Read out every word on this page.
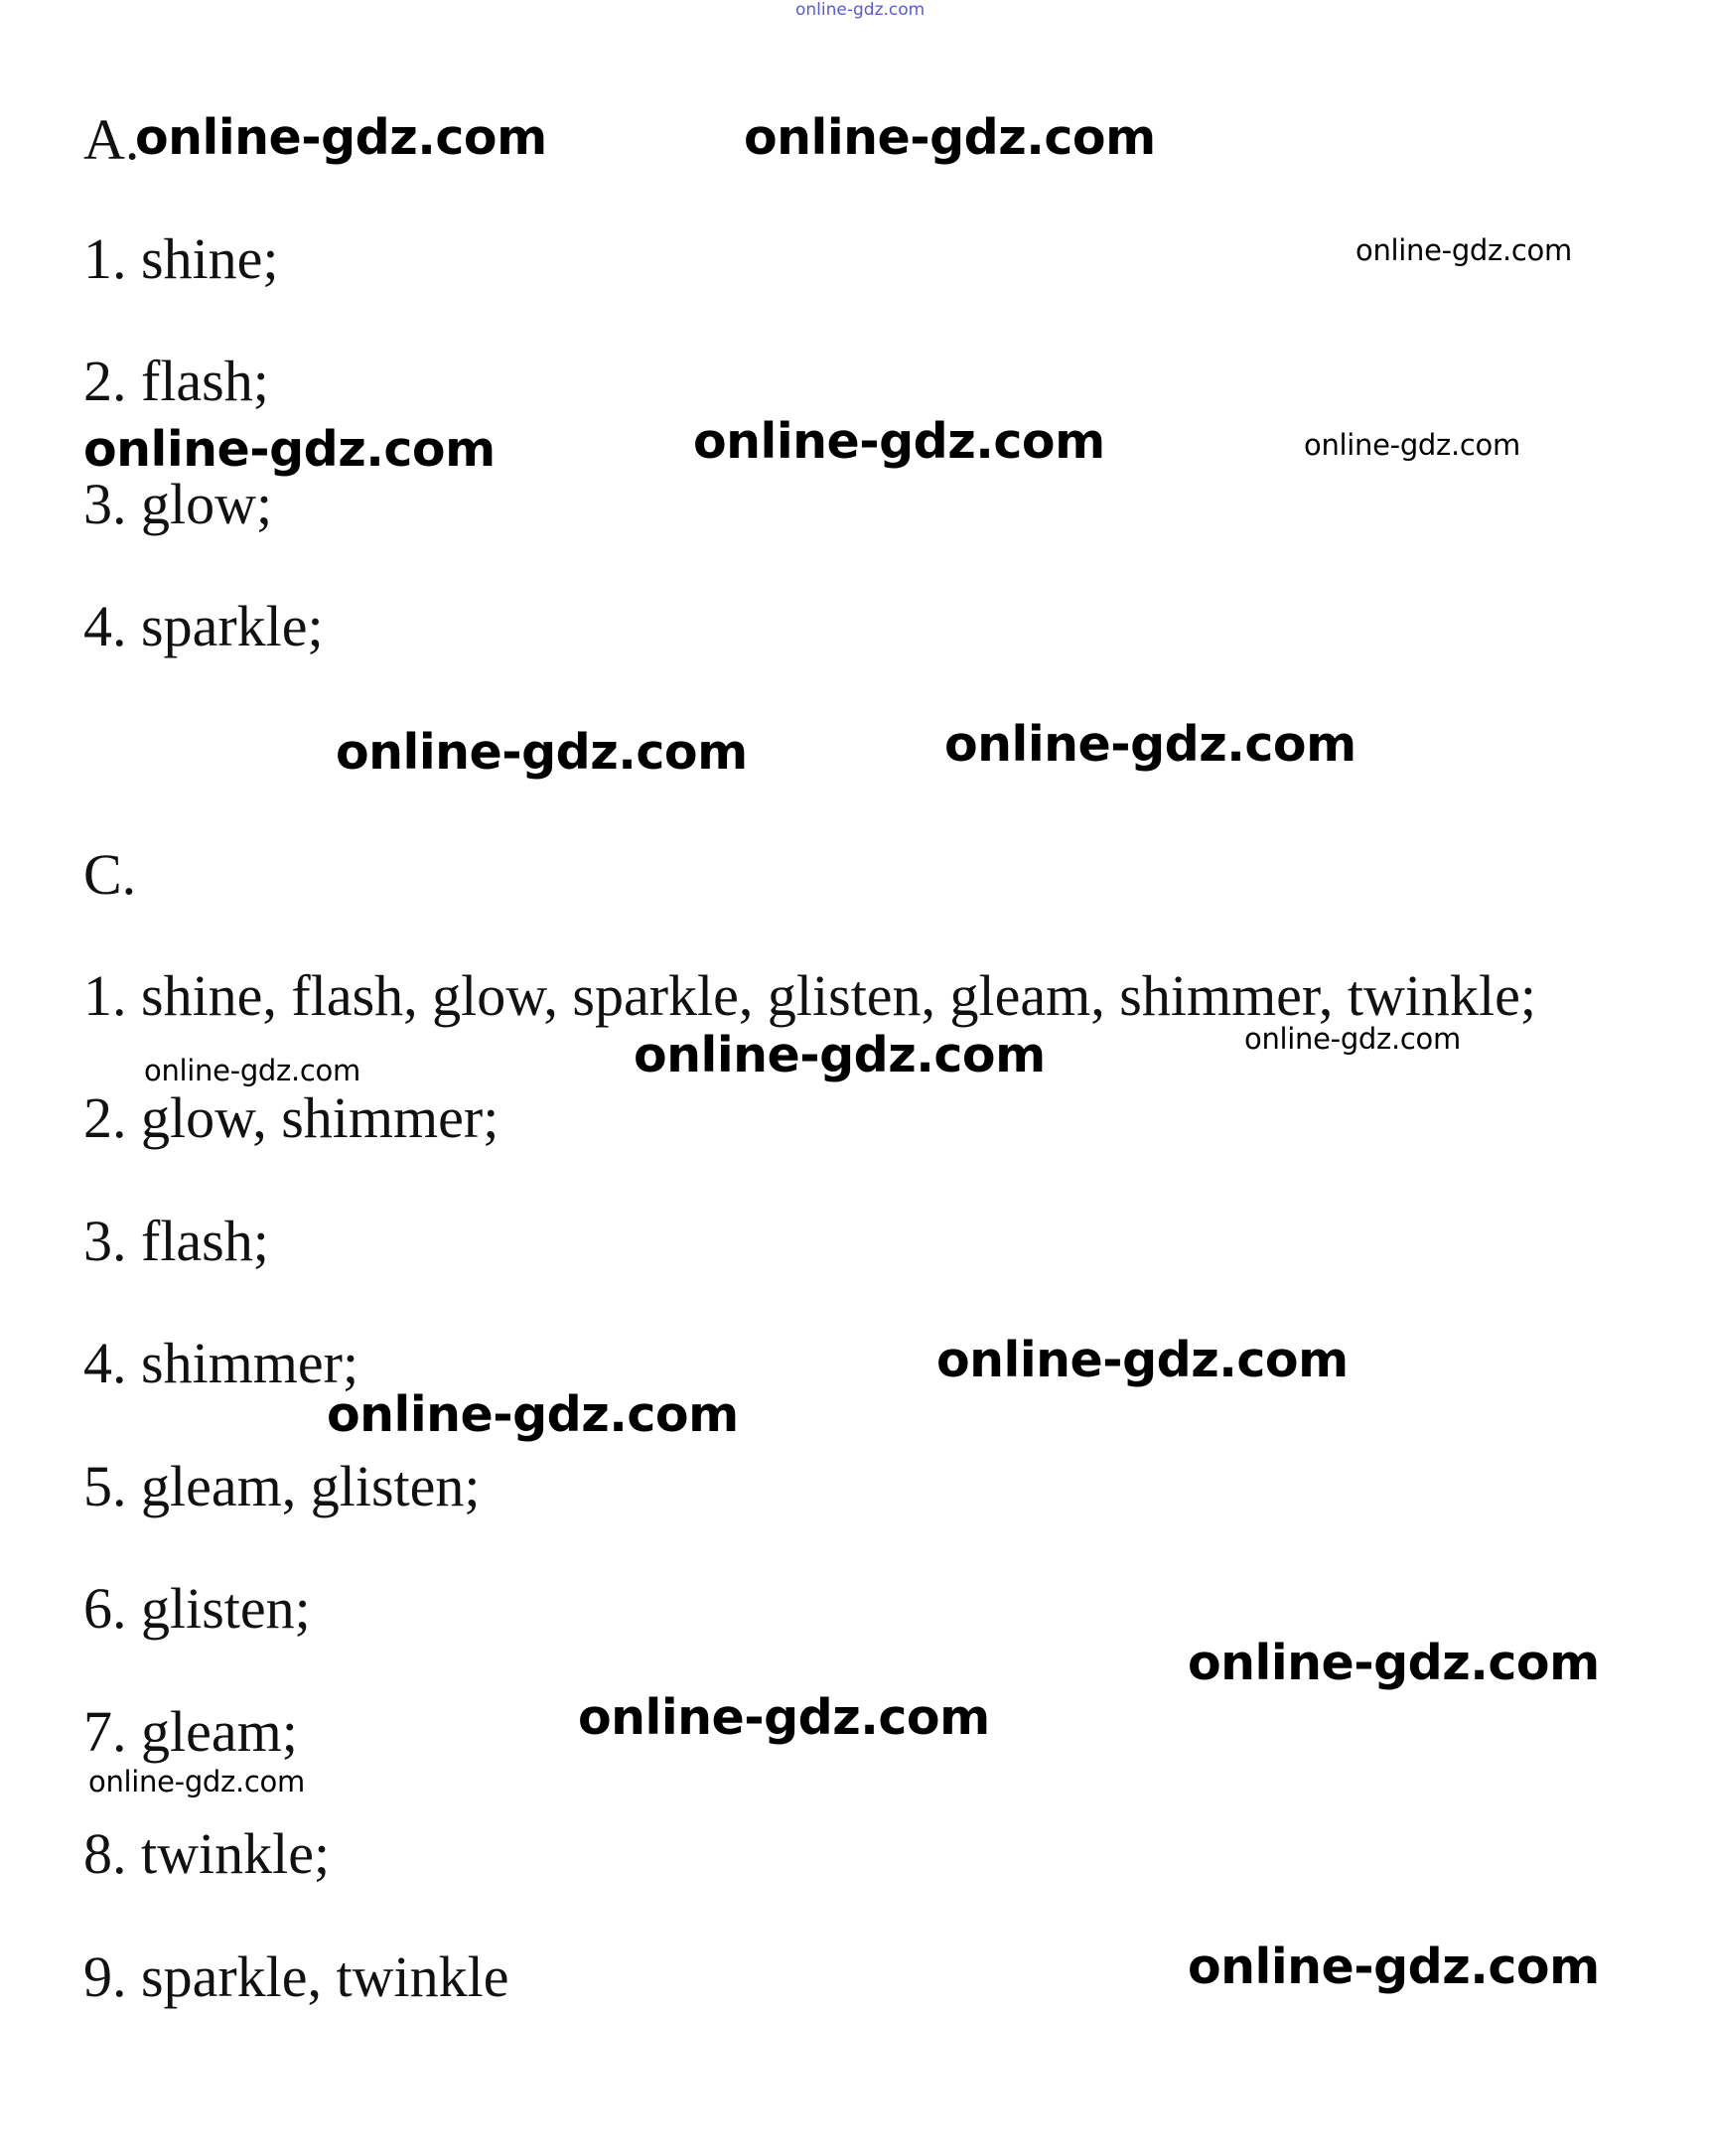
online-gdz.com
A.
1. shine;
2. flash;
3. glow;
4. sparkle;
C.
1. shine, flash, glow, sparkle, glisten, gleam, shimmer, twinkle;
2. glow, shimmer;
3. flash;
4. shimmer;
5. gleam, glisten;
6. glisten;
7. gleam;
8. twinkle;
9. sparkle, twinkle
online-gdz.com	online-gdz.com
online-gdz.com	online-gdz.com
online-gdz.com	online-gdz.com
online-gdz.com
online-gdz.com
online-gdz.com
online-gdz.com
online-gdz.com
online-gdz.com
online-gdz.com
online-gdz.com
online-gdz.com
online-gdz.com
online-gdz.com
